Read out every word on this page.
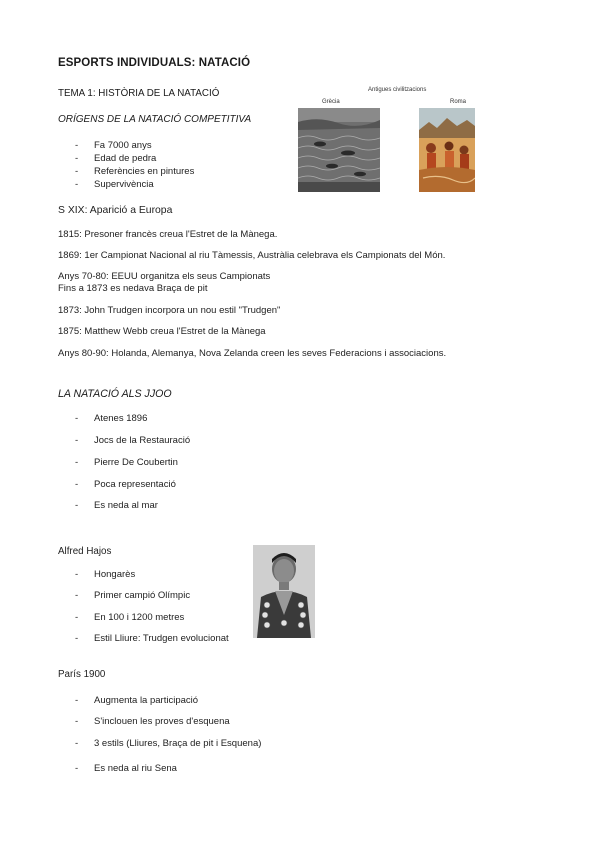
ESPORTS INDIVIDUALS: NATACIÓ
TEMA 1: HISTÒRIA DE LA NATACIÓ
ORÍGENS DE LA NATACIÓ COMPETITIVA
- Fa 7000 anys
- Edad de pedra
- Referències en pintures
- Supervivència
Antigues civilitzacions
Grècia	Roma
S XIX: Aparició a Europa
1815: Presoner francès creua l'Estret de la Mànega.
1869: 1er Campionat Nacional al riu Tàmessis, Austràlia celebrava els Campionats del Món.
Anys 70-80: EEUU organitza els seus Campionats
Fins a 1873 es nedava Braça de pit
1873: John Trudgen incorpora un nou estil "Trudgen"
1875: Matthew Webb creua l'Estret de la Mànega
Anys 80-90: Holanda, Alemanya, Nova Zelanda creen les seves Federacions i associacions.
LA NATACIÓ ALS JJOO
- Atenes 1896
- Jocs de la Restauració
- Pierre De Coubertin
- Poca representació
- Es neda al mar
Alfred Hajos
- Hongarès
- Primer campió Olímpic
- En 100 i 1200 metres
- Estil Lliure: Trudgen evolucionat
París 1900
- Augmenta la participació
- S'inclouen les proves d'esquena
- 3 estils (Lliures, Braça de pit i Esquena)
- Es neda al riu Sena
